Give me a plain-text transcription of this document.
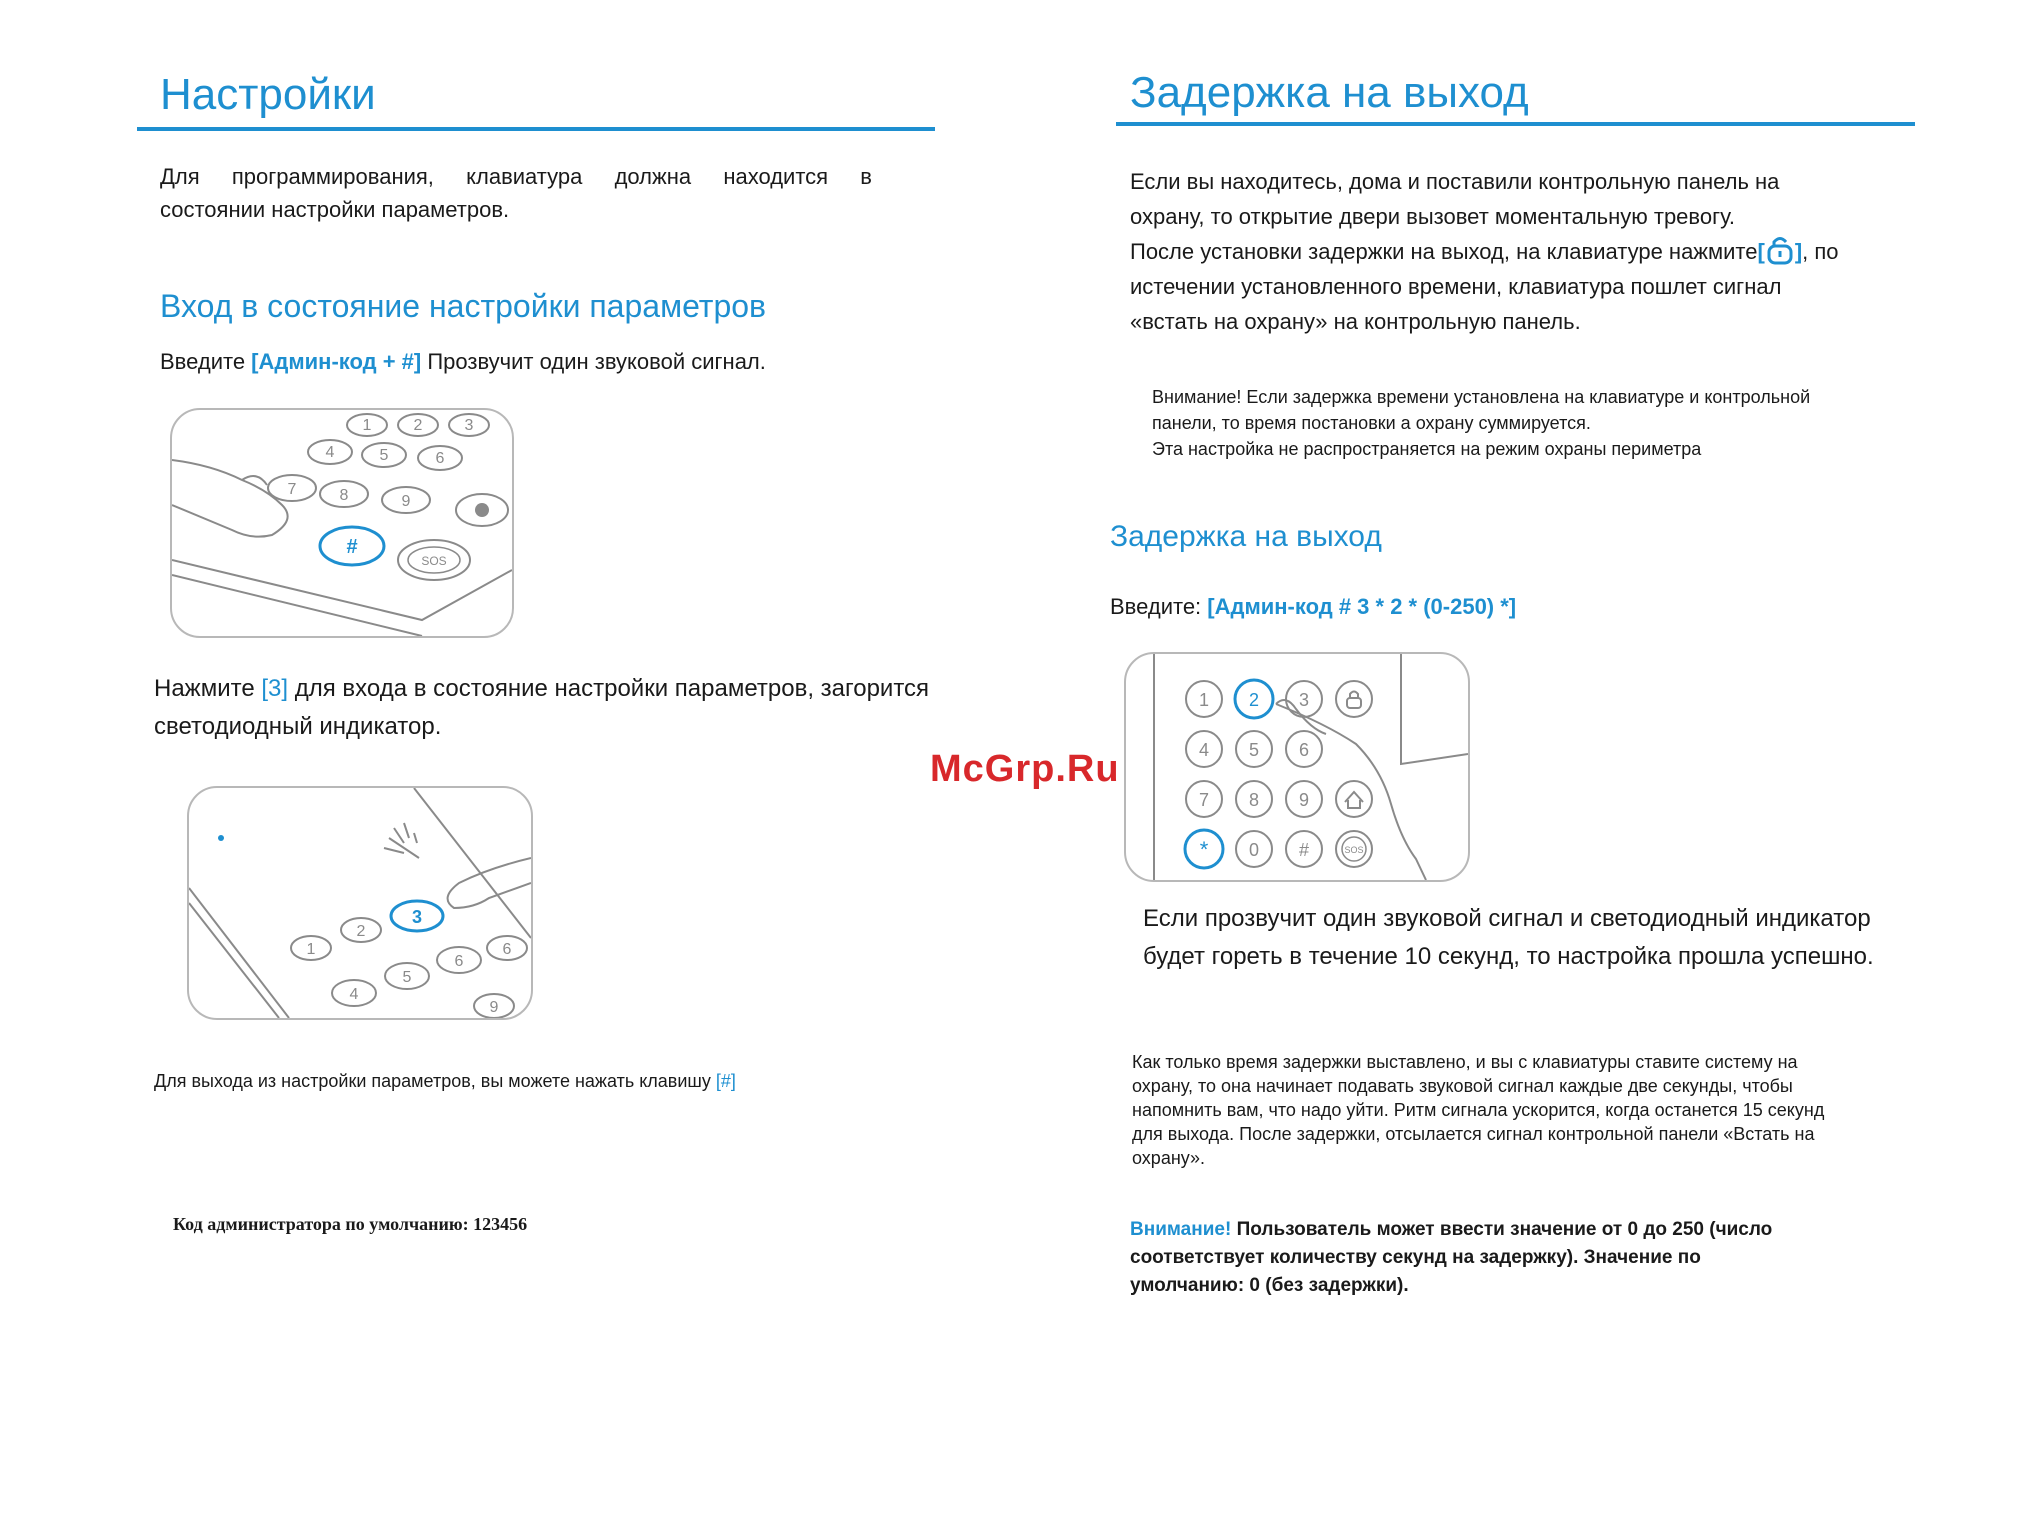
Настройки

Для программирования, клавиатура должна находится в

состоянии настройки параметров.

Вход в состояние настройки параметров

Введите [Админ-код + #] Прозвучит один звуковой сигнал.

1	2	3
4	5	6
7	8	9
#
SOS

Нажмите [3] для входа в состояние настройки параметров, загорится

светодиодный индикатор.

1
2
3
4
5
6
6
9

Для выхода из настройки параметров, вы можете нажать клавишу [#]

Код администратора по умолчанию: 123456

Задержка на выход

Если вы находитесь, дома и поставили контрольную панель на

охрану, то открытие двери вызовет моментальную тревогу.

После установки задержки на выход, на клавиатуре нажмите[ ], по

истечении установленного времени, клавиатура пошлет сигнал

«встать на охрану» на контрольную панель.

Внимание! Если задержка времени установлена на клавиатуре и контрольной

панели, то время постановки а охрану суммируется.

Эта настройка не распространяется на режим охраны периметра

Задержка на выход

Введите: [Админ-код # 3 * 2 * (0-250) *]

1 2 3
4 5 6
7 8 9
* 0 #	SOS

Если прозвучит один звуковой сигнал и светодиодный индикатор

будет гореть в течение 10 секунд, то настройка прошла успешно.

Как только время задержки выставлено, и вы с клавиатуры ставите систему на

охрану, то она начинает подавать звуковой сигнал каждые две секунды, чтобы

напомнить вам, что надо уйти. Ритм сигнала ускорится, когда останется 15 секунд

для выхода. После задержки, отсылается сигнал контрольной панели «Встать на

охрану».

Внимание! Пользователь может ввести значение от 0 до 250 (число

соответствует количеству секунд на задержку). Значение по

умолчанию: 0 (без задержки).

McGrp.Ru
